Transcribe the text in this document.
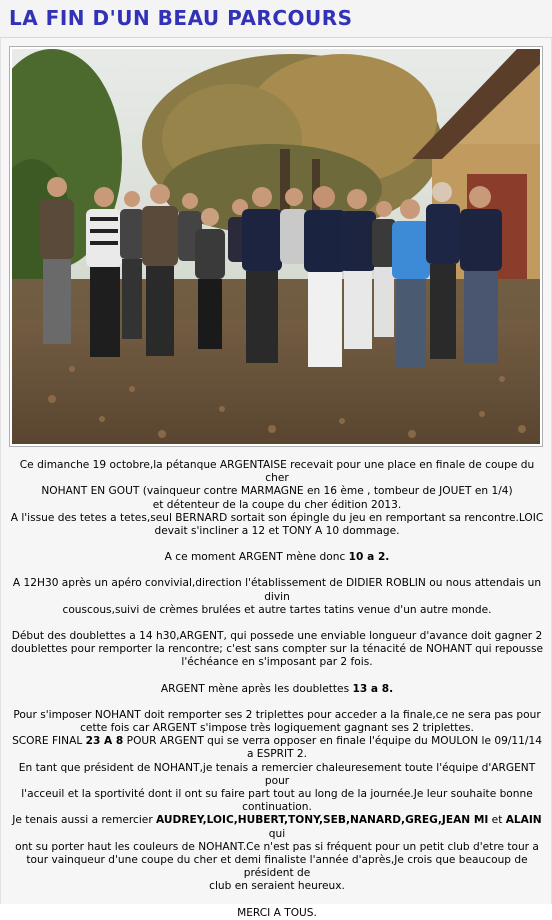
LA FIN D'UN BEAU PARCOURS

Ce dimanche 19 octobre,la pétanque ARGENTAISE recevait pour une place en finale de coupe du cher
NOHANT EN GOUT (vainqueur contre MARMAGNE en 16 ème , tombeur de JOUET en 1/4)
et détenteur de la coupe du cher édition 2013.
A l'issue des tetes a tetes,seul BERNARD sortait son épingle du jeu en remportant sa rencontre.LOIC
devait s'incliner a 12 et TONY A 10 dommage.

A ce moment ARGENT mène donc 10 a 2.

A 12H30 après un apéro convivial,direction l'établissement de DIDIER ROBLIN ou nous attendais un
divin
couscous,suivi de crèmes brulées et autre tartes tatins venue d'un autre monde.

Début des doublettes a 14 h30,ARGENT, qui possede une enviable longueur d'avance doit gagner 2
doublettes pour remporter la rencontre; c'est sans compter sur la ténacité de NOHANT qui repousse
l'échéance en s'imposant par 2 fois.

ARGENT mène après les doublettes 13 a 8.

Pour s'imposer NOHANT doit remporter ses 2 triplettes pour acceder a la finale,ce ne sera pas pour
cette fois car ARGENT s'impose très logiquement gagnant ses 2 triplettes.
SCORE FINAL 23 A 8 POUR ARGENT qui se verra opposer en finale l'équipe du MOULON le 09/11/14
a ESPRIT 2.
En tant que président de NOHANT,je tenais a remercier chaleuresement toute l'équipe d'ARGENT pour
l'acceuil et la sportivité dont il ont su faire part tout au long de la journée.Je leur souhaite bonne
continuation.
Je tenais aussi a remercier AUDREY,LOIC,HUBERT,TONY,SEB,NANARD,GREG,JEAN MI et ALAIN qui
ont su porter haut les couleurs de NOHANT.Ce n'est pas si fréquent pour un petit club d'etre tour a
tour vainqueur d'une coupe du cher et demi finaliste l'année d'après,Je crois que beaucoup de
président de
club en seraient heureux.

MERCI A TOUS.
